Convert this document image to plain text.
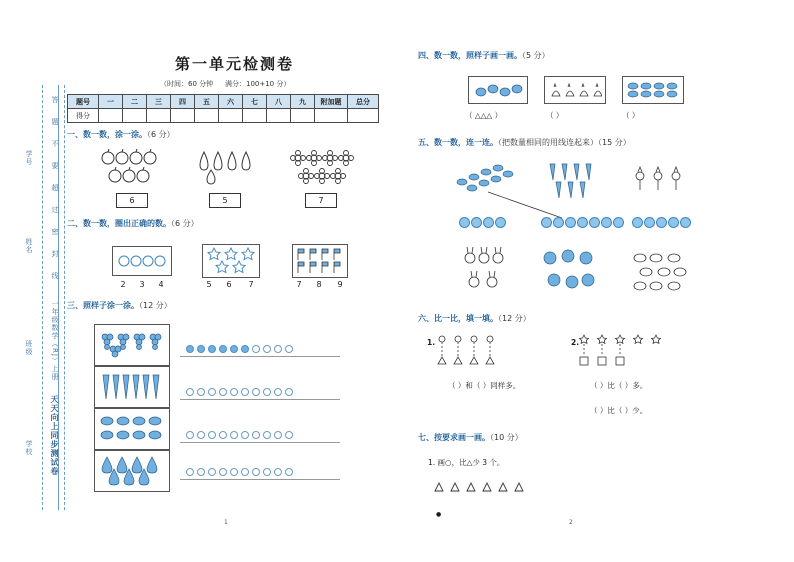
学号
姓名
班级
学校
答
题
不
要
超
过
密
封
线
一年级数学（RJ）上册
天天向上同步测试卷
第一单元检测卷
（时间：60 分钟 满分：100+10 分）
题号	一	二	三	四	五	六	七	八	九	附加题	总分
得分											
一、数一数，涂一涂。（6 分）
6	5	7
二、数一数，圈出正确的数。（6 分）
2	3	4	5	6	7	7	8	9
三、照样子涂一涂。（12 分）
1
四、数一数，照样子画一画。（5 分）
（ △△△ ）	（ ）	（ ）
五、数一数，连一连。（把数量相同的用线连起来）（15 分）
六、比一比，填一填。（12 分）
1.	2.
（ ）和（ ）同样多。	（ ）比（ ）多。
（ ）比（ ）少。
七、按要求画一画。（10 分）
1. 画○，比△少 3 个。
●
2
